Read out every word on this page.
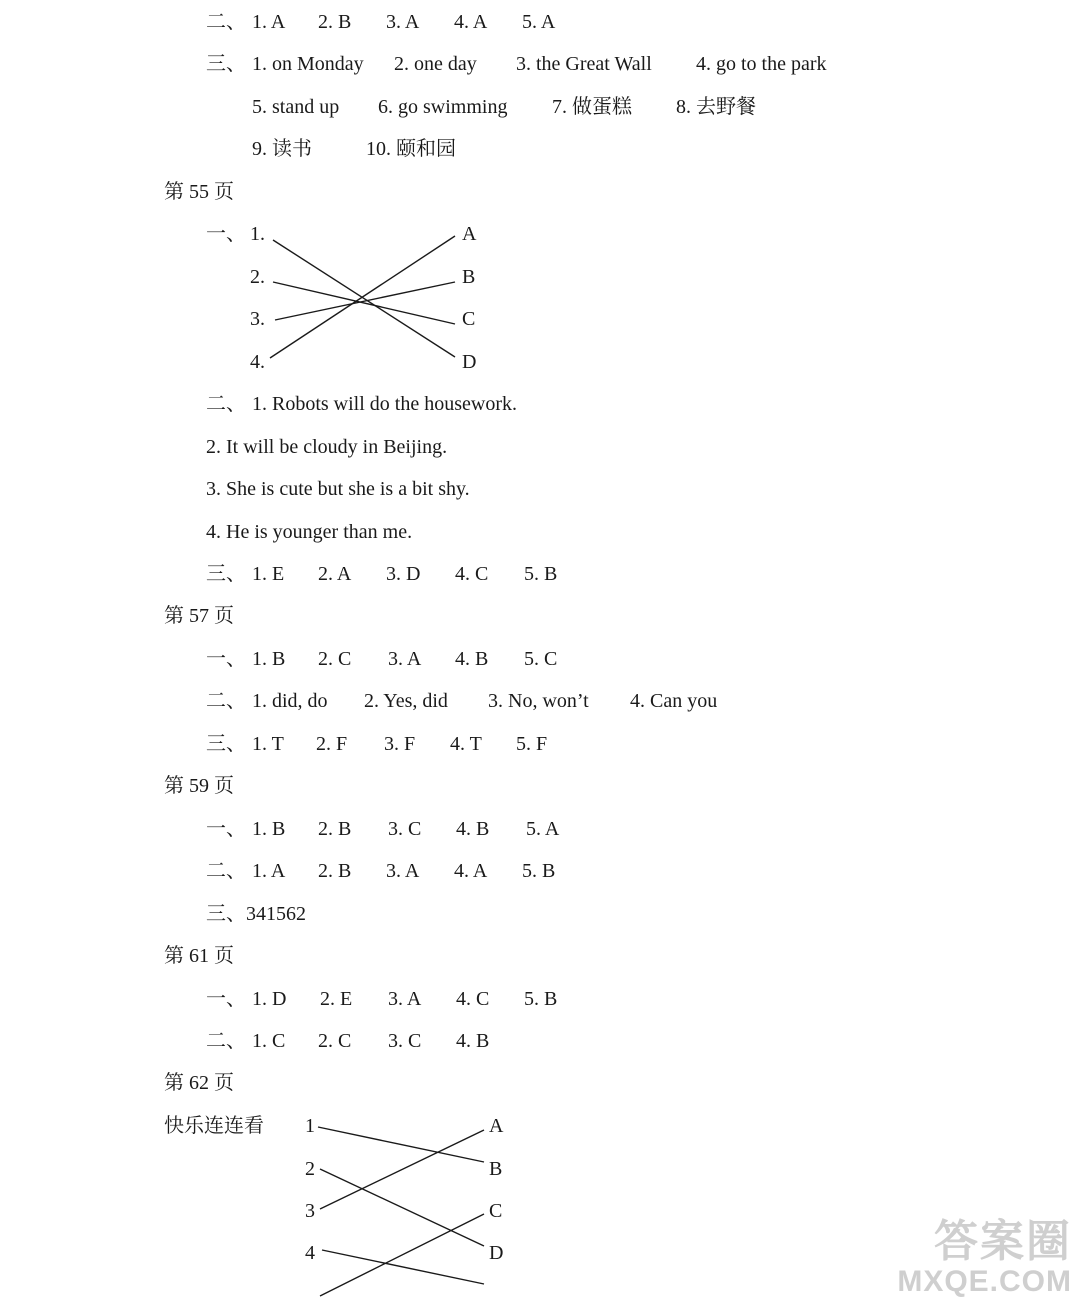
二、 1. A 2. B 3. A 4. A 5. A
三、 1. on Monday 2. one day 3. the Great Wall 4. go to the park
5. stand up 6. go swimming 7. 做蛋糕 8. 去野餐
9. 读书	10. 颐和园
第 55 页
一、 1.
2.
3.
4.
A
B
C
D
二、 1. Robots will do the housework.
2. It will be cloudy in Beijing.
3. She is cute but she is a bit shy.
4. He is younger than me.
三、 1. E 2. A 3. D 4. C 5. B
第 57 页
一、 1. B 2. C 3. A 4. B 5. C
二、 1. did, do 2. Yes, did 3. No, won’t 4. Can you
三、 1. T 2. F 3. F 4. T 5. F
第 59 页
一、 1. B 2. B 3. C 4. B 5. A
二、 1. A 2. B 3. A 4. A 5. B
三、341562
第 61 页
一、 1. D 2. E 3. A 4. C 5. B
二、 1. C 2. C 3. C 4. B
第 62 页
快乐连连看 1
2
3
4
A
B
C
D	答案圈
MXQE.COM
